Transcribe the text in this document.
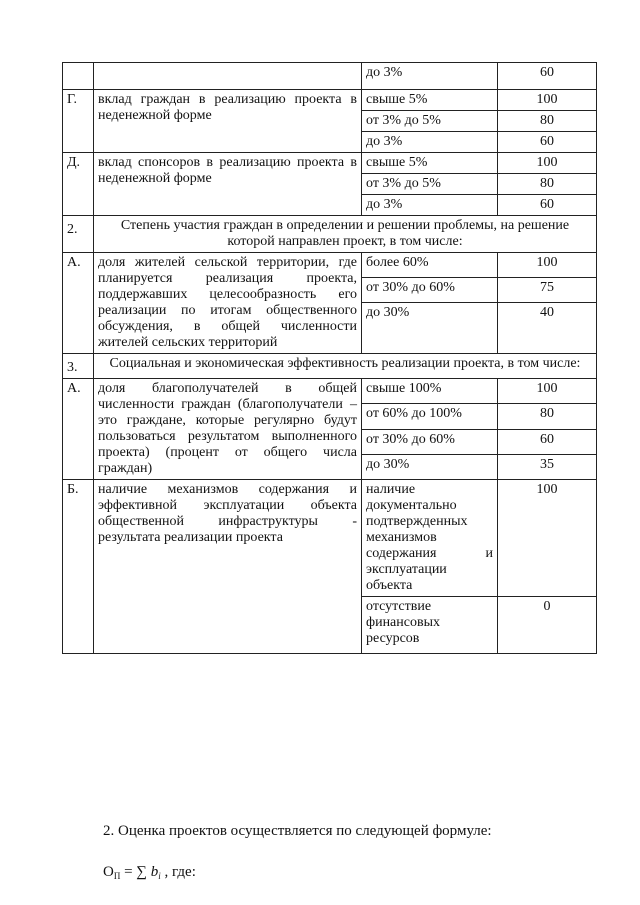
		до 3%	60
Г.	вклад граждан в реализацию проекта в неденежной форме	свыше 5%	100
		от 3% до 5%	80
		до 3%	60
Д.	вклад спонсоров в реализацию проекта в неденежной форме	свыше 5%	100
		от 3% до 5%	80
		до 3%	60
2.	Степень участия граждан в определении и решении проблемы, на решение которой направлен проект, в том числе:		
А.	доля жителей сельской территории, где планируется реализация проекта, поддержавших целесообразность его реализации по итогам общественного обсуждения, в общей численности жителей сельских территорий	более 60%	100
		от 30% до 60%	75
		до 30%	40
3.	Социальная и экономическая эффективность реализации проекта, в том числе:		
А.	доля благополучателей в общей численности граждан (благополучатели – это граждане, которые регулярно будут пользоваться результатом выполненного проекта) (процент от общего числа граждан)	свыше 100%	100
		от 60% до 100%	80
		от 30% до 60%	60
		до 30%	35
Б.	наличие механизмов содержания и эффективной эксплуатации объекта общественной инфраструктуры - результата реализации проекта	наличие документально подтвержденных механизмов содержания и эксплуатации объекта	100
		отсутствие финансовых ресурсов	0
2. Оценка проектов осуществляется по следующей формуле:
$О_П$ = ∑ $b_i$ , где:
